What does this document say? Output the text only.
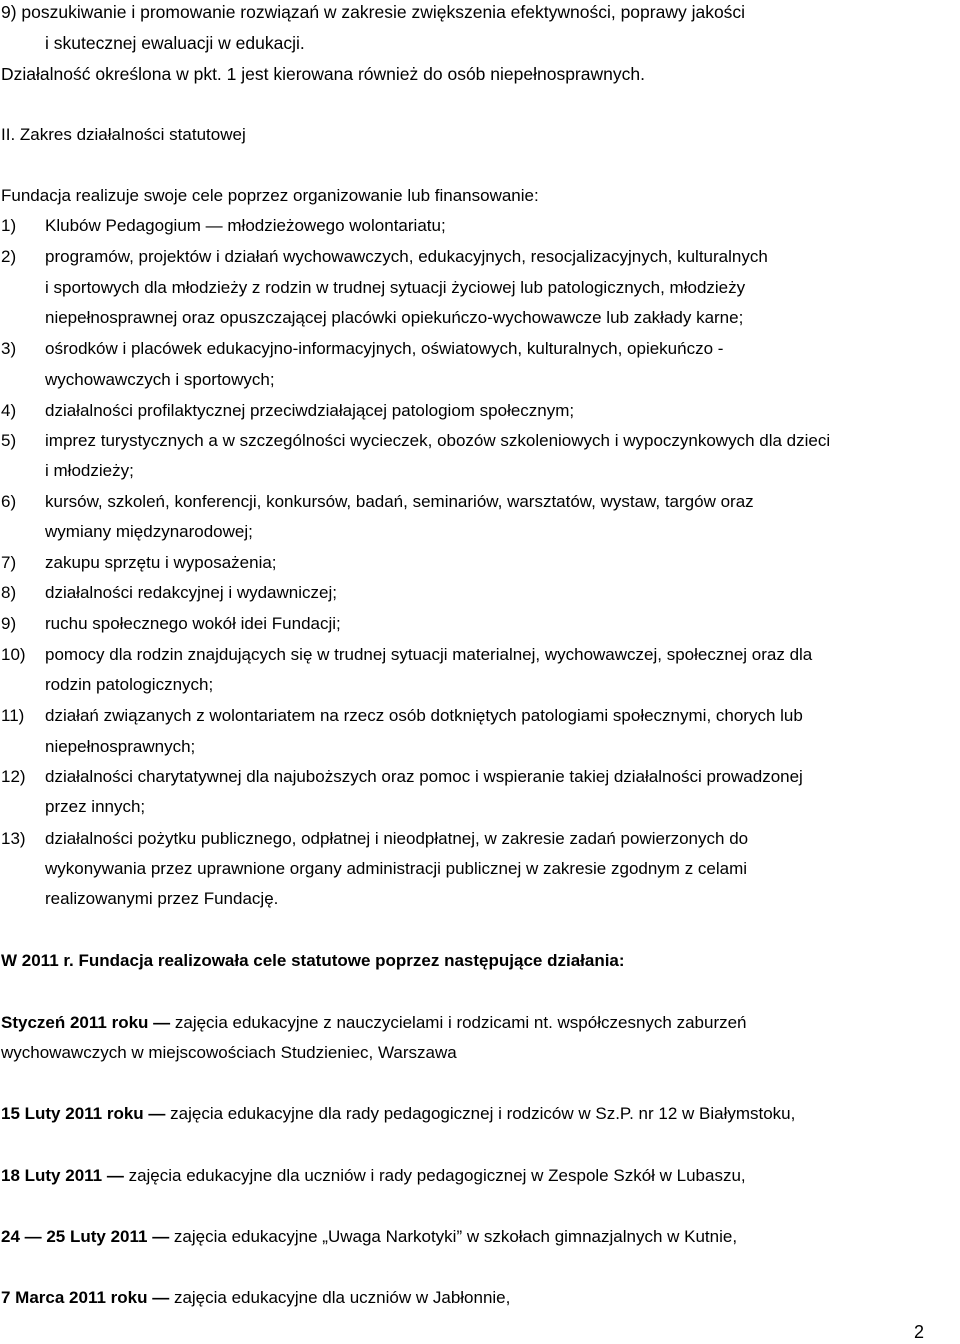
9) poszukiwanie i promowanie rozwiązań w zakresie zwiększenia efektywności, poprawy jakości
i skutecznej ewaluacji w edukacji.
Działalność określona w pkt. 1 jest kierowana również do osób niepełnosprawnych.
II. Zakres działalności statutowej
Fundacja realizuje swoje cele poprzez organizowanie lub finansowanie:
1) Klubów Pedagogium — młodzieżowego wolontariatu;
2) programów, projektów i działań wychowawczych, edukacyjnych, resocjalizacyjnych, kulturalnych
i sportowych dla młodzieży z rodzin w trudnej sytuacji życiowej lub patologicznych, młodzieży
niepełnosprawnej oraz opuszczającej placówki opiekuńczo-wychowawcze lub zakłady karne;
3) ośrodków i placówek edukacyjno-informacyjnych, oświatowych, kulturalnych, opiekuńczo -
wychowawczych i sportowych;
4) działalności profilaktycznej przeciwdziałającej patologiom społecznym;
5) imprez turystycznych a w szczególności wycieczek, obozów szkoleniowych i wypoczynkowych dla dzieci
i młodzieży;
6) kursów, szkoleń, konferencji, konkursów, badań, seminariów, warsztatów, wystaw, targów oraz
wymiany międzynarodowej;
7) zakupu sprzętu i wyposażenia;
8) działalności redakcyjnej i wydawniczej;
9) ruchu społecznego wokół idei Fundacji;
10) pomocy dla rodzin znajdujących się w trudnej sytuacji materialnej, wychowawczej, społecznej oraz dla
rodzin patologicznych;
11) działań związanych z wolontariatem na rzecz osób dotkniętych patologiami społecznymi, chorych lub
niepełnosprawnych;
12) działalności charytatywnej dla najuboższych oraz pomoc i wspieranie takiej działalności prowadzonej
przez innych;
13) działalności pożytku publicznego, odpłatnej i nieodpłatnej, w zakresie zadań powierzonych do
wykonywania przez uprawnione organy administracji publicznej w zakresie zgodnym z celami
realizowanymi przez Fundację.
W 2011 r. Fundacja realizowała cele statutowe poprzez następujące działania:
Styczeń 2011 roku — zajęcia edukacyjne z nauczycielami i rodzicami nt. współczesnych zaburzeń
wychowawczych w miejscowościach Studzieniec, Warszawa
15 Luty 2011 roku — zajęcia edukacyjne dla rady pedagogicznej i rodziców w Sz.P. nr 12 w Białymstoku,
18 Luty 2011 — zajęcia edukacyjne dla uczniów i rady pedagogicznej w Zespole Szkół w Lubaszu,
24 — 25 Luty 2011 — zajęcia edukacyjne „Uwaga Narkotyki” w szkołach gimnazjalnych w Kutnie,
7 Marca 2011 roku — zajęcia edukacyjne dla uczniów w Jabłonnie,
2
